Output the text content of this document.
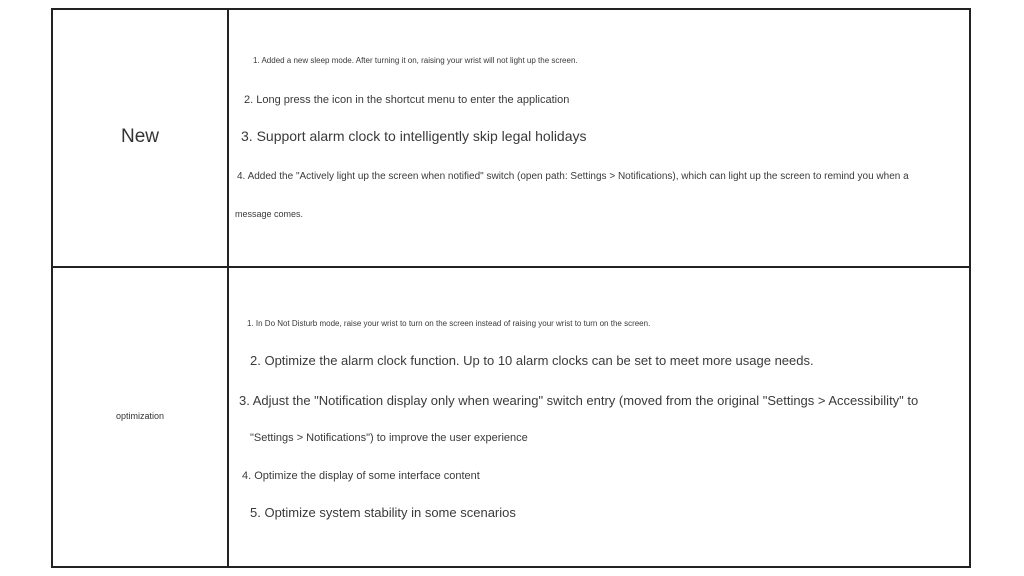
New
1. Added a new sleep mode. After turning it on, raising your wrist will not light up the screen.
2. Long press the icon in the shortcut menu to enter the application
3. Support alarm clock to intelligently skip legal holidays
4. Added the "Actively light up the screen when notified" switch (open path: Settings > Notifications), which can light up the screen to remind you when a
message comes.
optimization
1. In Do Not Disturb mode, raise your wrist to turn on the screen instead of raising your wrist to turn on the screen.
2. Optimize the alarm clock function. Up to 10 alarm clocks can be set to meet more usage needs.
3. Adjust the "Notification display only when wearing" switch entry (moved from the original "Settings > Accessibility" to
"Settings > Notifications") to improve the user experience
4. Optimize the display of some interface content
5. Optimize system stability in some scenarios
